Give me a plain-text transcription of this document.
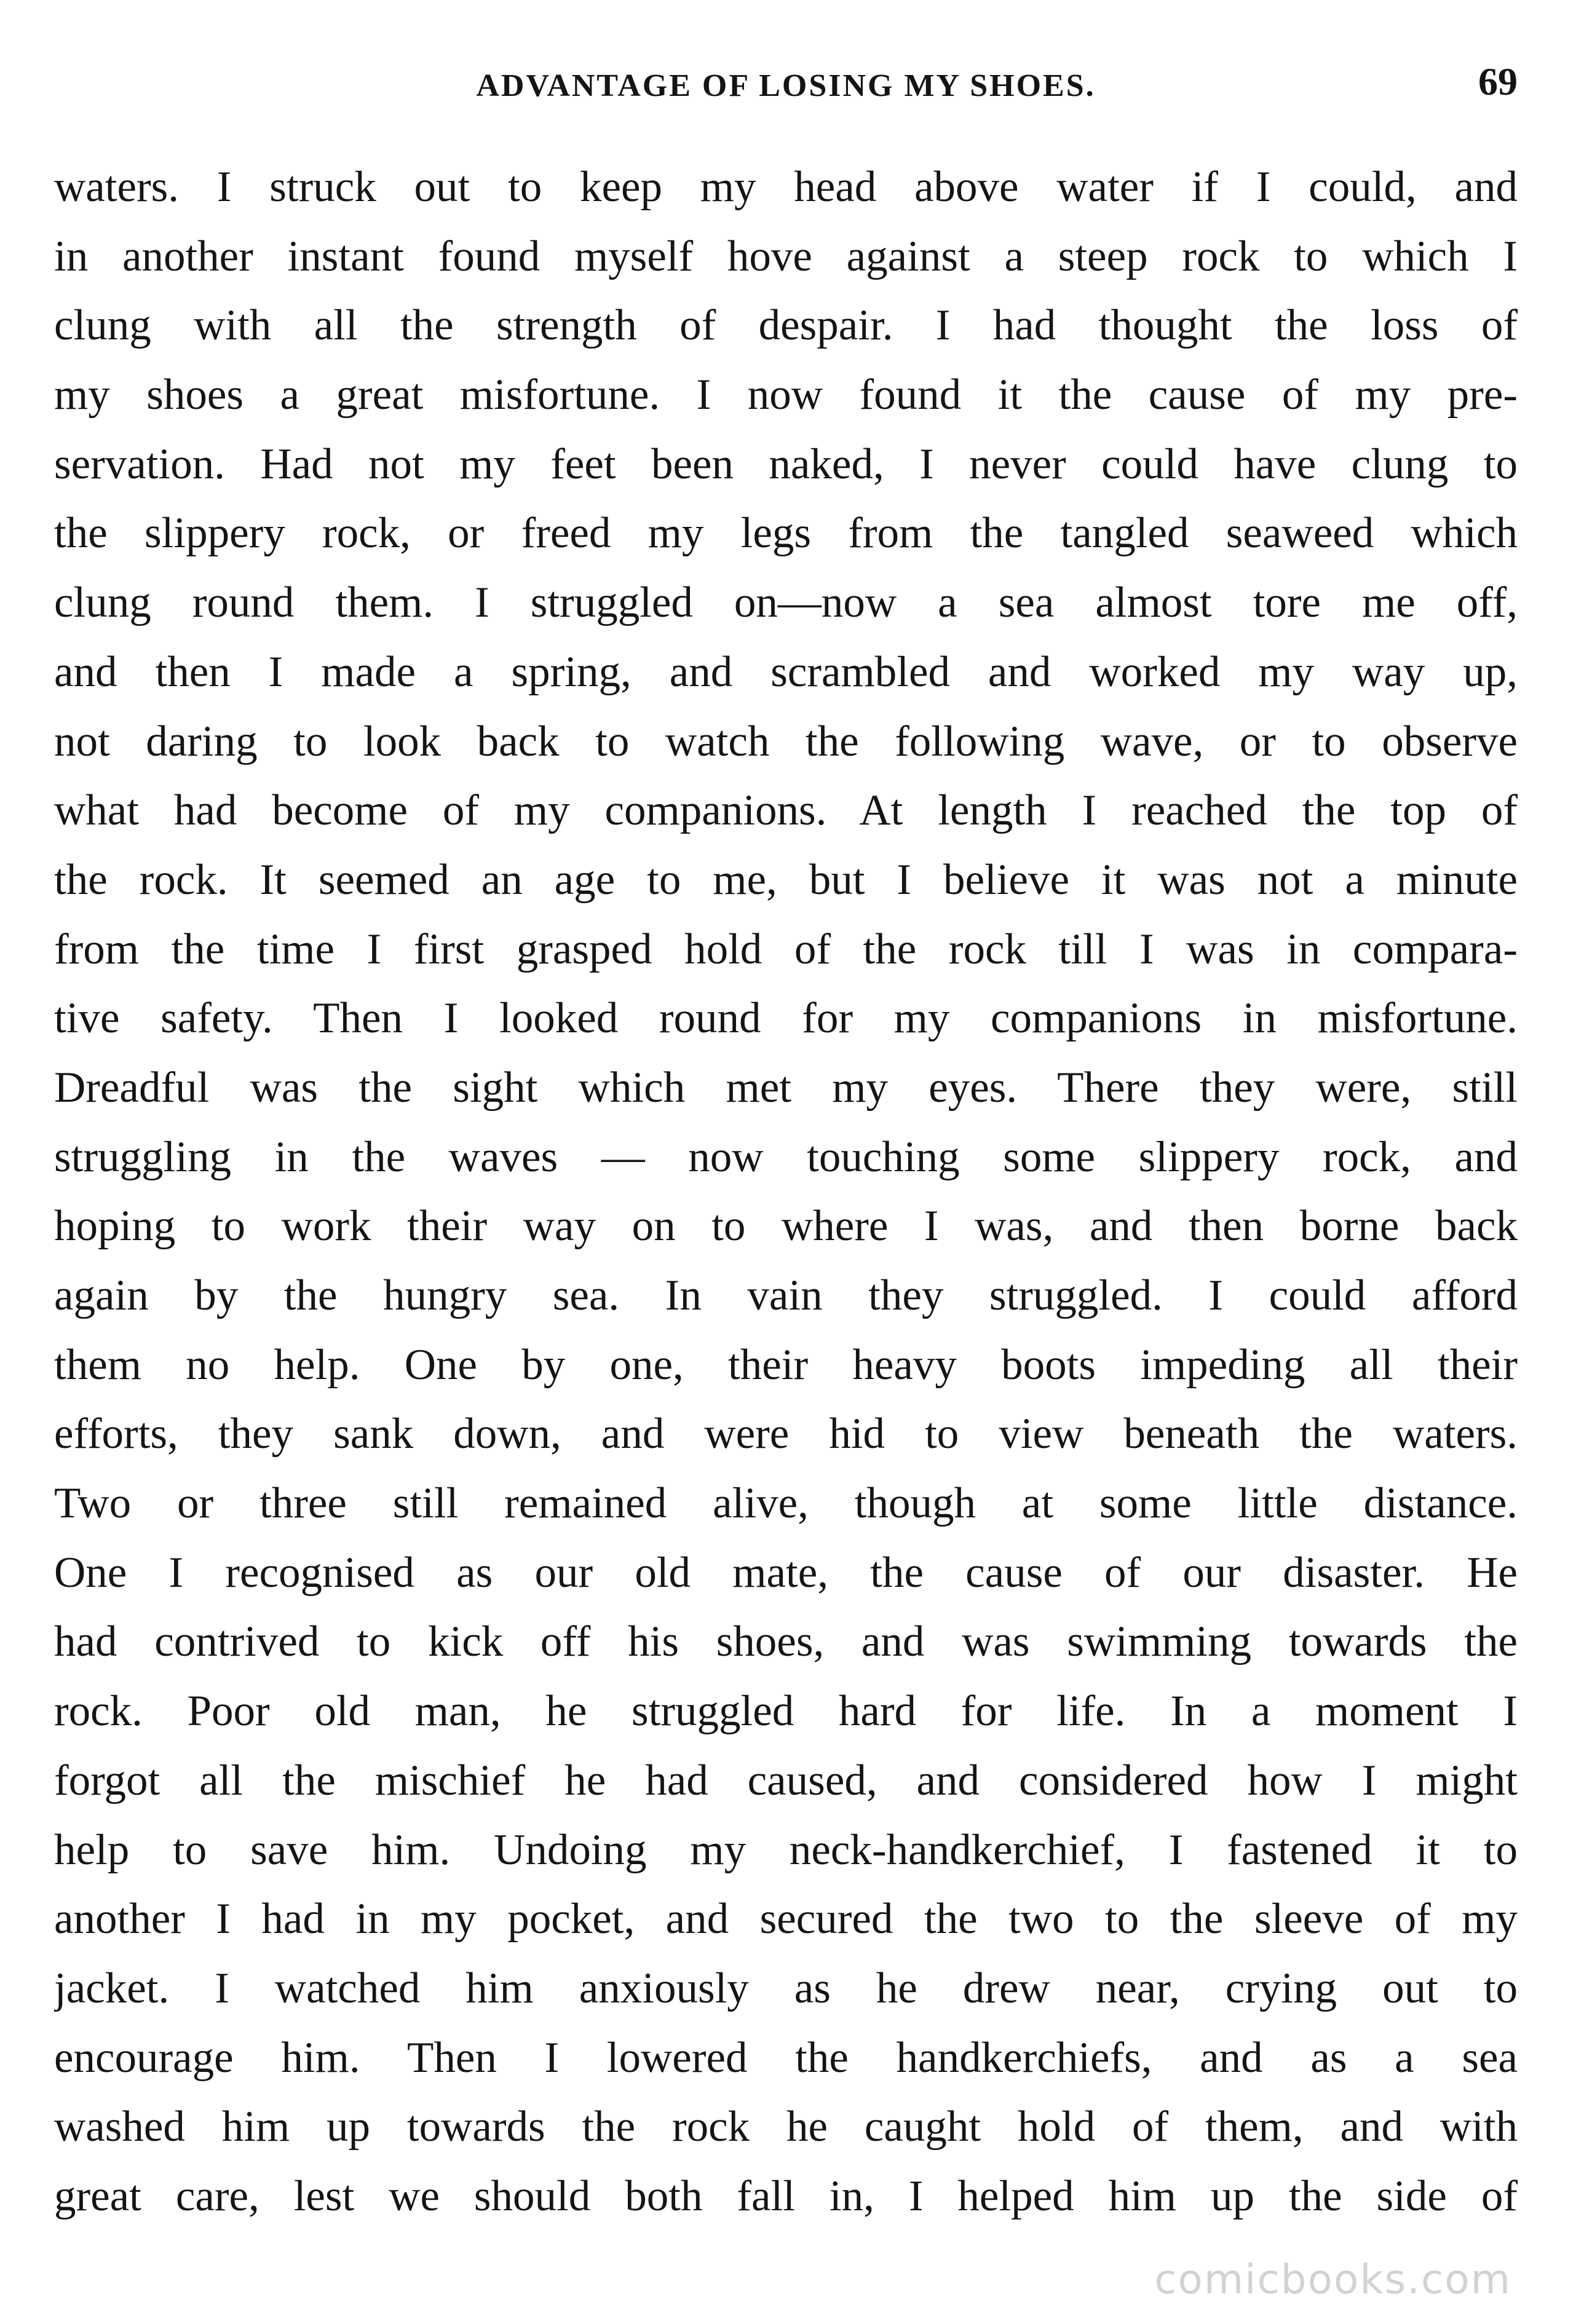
ADVANTAGE OF LOSING MY SHOES.	69
waters. I struck out to keep my head above water if I could, and
in another instant found myself hove against a steep rock to which I
clung with all the strength of despair. I had thought the loss of
my shoes a great misfortune. I now found it the cause of my pre-
servation. Had not my feet been naked, I never could have clung to
the slippery rock, or freed my legs from the tangled seaweed which
clung round them. I struggled on—now a sea almost tore me off,
and then I made a spring, and scrambled and worked my way up,
not daring to look back to watch the following wave, or to observe
what had become of my companions. At length I reached the top of
the rock. It seemed an age to me, but I believe it was not a minute
from the time I first grasped hold of the rock till I was in compara-
tive safety. Then I looked round for my companions in misfortune.
Dreadful was the sight which met my eyes. There they were, still
struggling in the waves — now touching some slippery rock, and
hoping to work their way on to where I was, and then borne back
again by the hungry sea. In vain they struggled. I could afford
them no help. One by one, their heavy boots impeding all their
efforts, they sank down, and were hid to view beneath the waters.
Two or three still remained alive, though at some little distance.
One I recognised as our old mate, the cause of our disaster. He
had contrived to kick off his shoes, and was swimming towards the
rock. Poor old man, he struggled hard for life. In a moment I
forgot all the mischief he had caused, and considered how I might
help to save him. Undoing my neck-handkerchief, I fastened it to
another I had in my pocket, and secured the two to the sleeve of my
jacket. I watched him anxiously as he drew near, crying out to
encourage him. Then I lowered the handkerchiefs, and as a sea
washed him up towards the rock he caught hold of them, and with
great care, lest we should both fall in, I helped him up the side of
comicbooks.com
